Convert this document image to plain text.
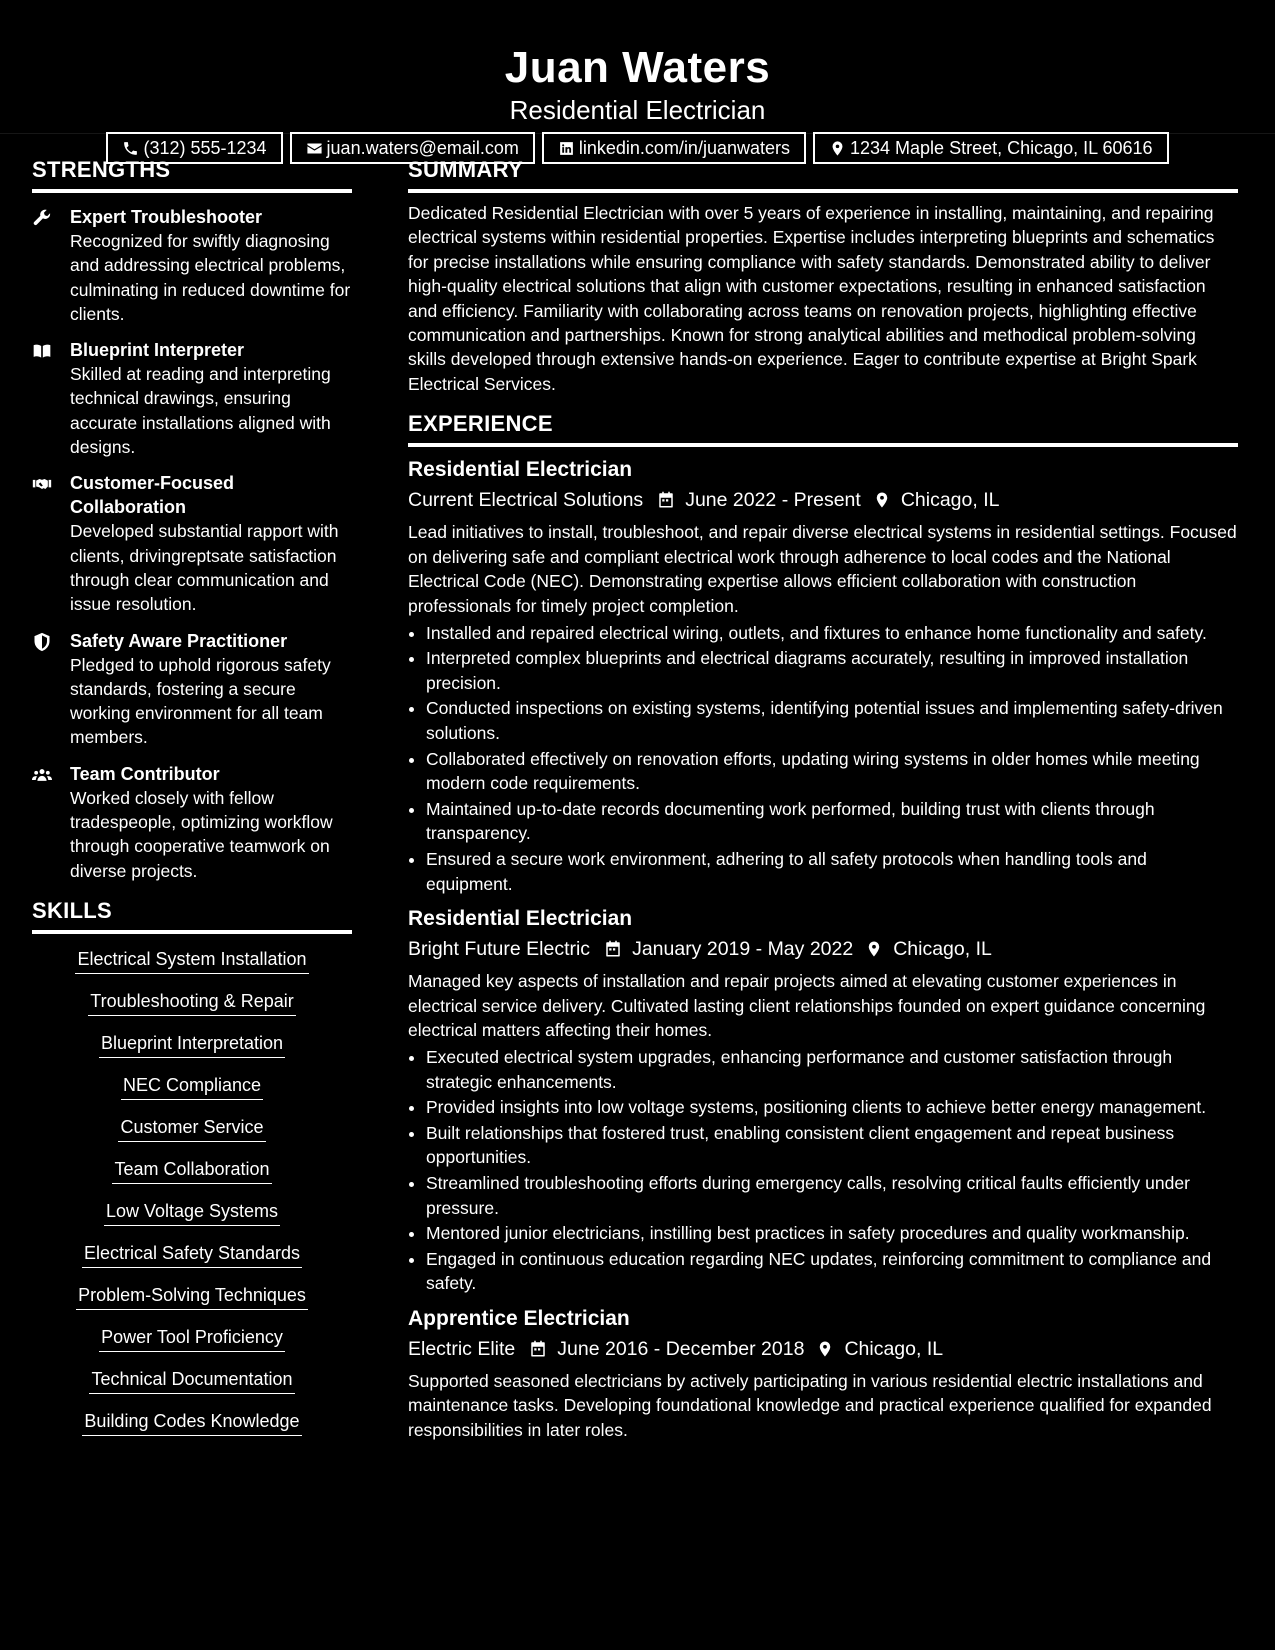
Juan Waters
Residential Electrician
(312) 555-1234	juan.waters@email.com	linkedin.com/in/juanwaters	1234 Maple Street, Chicago, IL 60616
STRENGTHS
Expert Troubleshooter
Recognized for swiftly diagnosing and addressing electrical problems, culminating in reduced downtime for clients.
Blueprint Interpreter
Skilled at reading and interpreting technical drawings, ensuring accurate installations aligned with designs.
Customer-Focused Collaboration
Developed substantial rapport with clients, drivingreptsate satisfaction through clear communication and issue resolution.
Safety Aware Practitioner
Pledged to uphold rigorous safety standards, fostering a secure working environment for all team members.
Team Contributor
Worked closely with fellow tradespeople, optimizing workflow through cooperative teamwork on diverse projects.
SKILLS
Electrical System Installation
Troubleshooting & Repair
Blueprint Interpretation
NEC Compliance
Customer Service
Team Collaboration
Low Voltage Systems
Electrical Safety Standards
Problem-Solving Techniques
Power Tool Proficiency
Technical Documentation
Building Codes Knowledge
SUMMARY
Dedicated Residential Electrician with over 5 years of experience in installing, maintaining, and repairing electrical systems within residential properties. Expertise includes interpreting blueprints and schematics for precise installations while ensuring compliance with safety standards. Demonstrated ability to deliver high-quality electrical solutions that align with customer expectations, resulting in enhanced satisfaction and efficiency. Familiarity with collaborating across teams on renovation projects, highlighting effective communication and partnerships. Known for strong analytical abilities and methodical problem-solving skills developed through extensive hands-on experience. Eager to contribute expertise at Bright Spark Electrical Services.
EXPERIENCE
Residential Electrician
Current Electrical Solutions June 2022 - Present Chicago, IL
Lead initiatives to install, troubleshoot, and repair diverse electrical systems in residential settings. Focused on delivering safe and compliant electrical work through adherence to local codes and the National Electrical Code (NEC). Demonstrating expertise allows efficient collaboration with construction professionals for timely project completion.
• Installed and repaired electrical wiring, outlets, and fixtures to enhance home functionality and safety.
• Interpreted complex blueprints and electrical diagrams accurately, resulting in improved installation precision.
• Conducted inspections on existing systems, identifying potential issues and implementing safety-driven solutions.
• Collaborated effectively on renovation efforts, updating wiring systems in older homes while meeting modern code requirements.
• Maintained up-to-date records documenting work performed, building trust with clients through transparency.
• Ensured a secure work environment, adhering to all safety protocols when handling tools and equipment.
Residential Electrician
Bright Future Electric January 2019 - May 2022 Chicago, IL
Managed key aspects of installation and repair projects aimed at elevating customer experiences in electrical service delivery. Cultivated lasting client relationships founded on expert guidance concerning electrical matters affecting their homes.
• Executed electrical system upgrades, enhancing performance and customer satisfaction through strategic enhancements.
• Provided insights into low voltage systems, positioning clients to achieve better energy management.
• Built relationships that fostered trust, enabling consistent client engagement and repeat business opportunities.
• Streamlined troubleshooting efforts during emergency calls, resolving critical faults efficiently under pressure.
• Mentored junior electricians, instilling best practices in safety procedures and quality workmanship.
• Engaged in continuous education regarding NEC updates, reinforcing commitment to compliance and safety.
Apprentice Electrician
Electric Elite June 2016 - December 2018 Chicago, IL
Supported seasoned electricians by actively participating in various residential electric installations and maintenance tasks. Developing foundational knowledge and practical experience qualified for expanded responsibilities in later roles.
